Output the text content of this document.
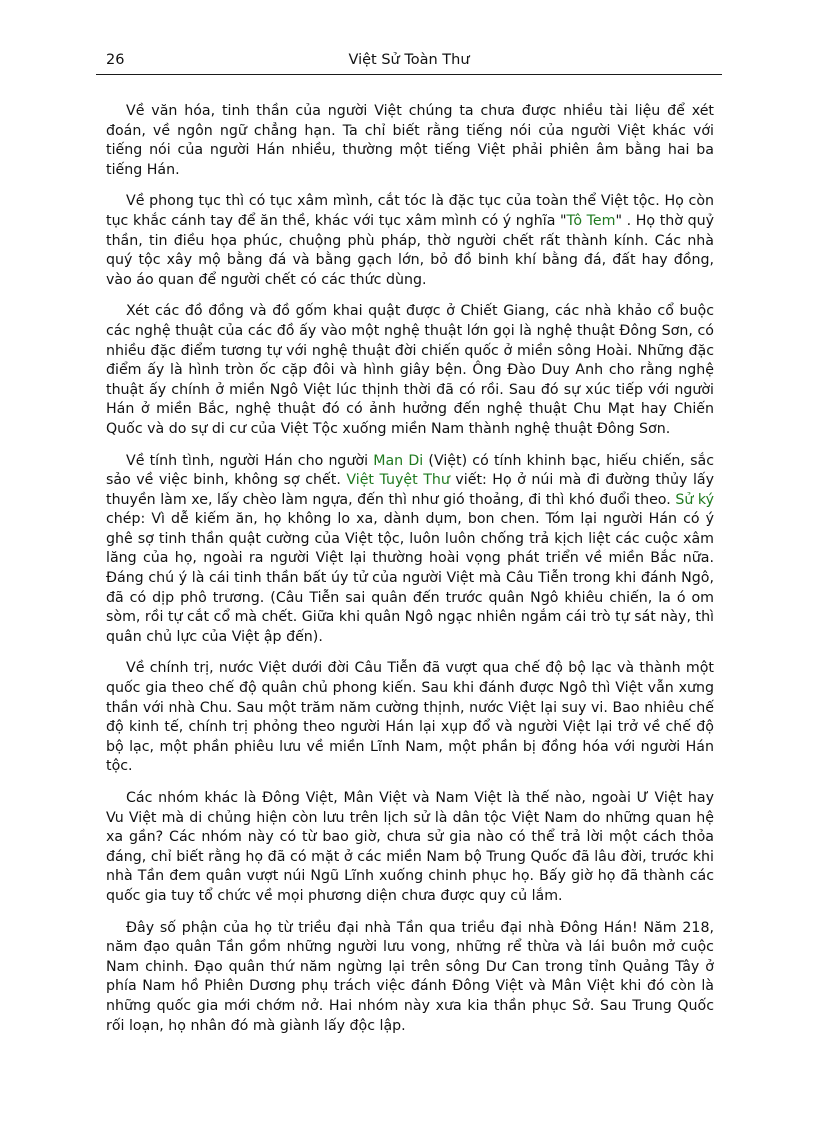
26	Việt Sử Toàn Thư

Về văn hóa, tinh thần của người Việt chúng ta chưa được nhiều tài liệu để xét đoán, về ngôn ngữ chẳng hạn. Ta chỉ biết rằng tiếng nói của người Việt khác với tiếng nói của người Hán nhiều, thường một tiếng Việt phải phiên âm bằng hai ba tiếng Hán.

Về phong tục thì có tục xâm mình, cắt tóc là đặc tục của toàn thể Việt tộc. Họ còn tục khắc cánh tay để ăn thề, khác với tục xâm mình có ý nghĩa "Tô Tem" . Họ thờ quỷ thần, tin điều họa phúc, chuộng phù pháp, thờ người chết rất thành kính. Các nhà quý tộc xây mộ bằng đá và bằng gạch lớn, bỏ đồ binh khí bằng đá, đất hay đồng, vào áo quan để người chết có các thức dùng.

Xét các đồ đồng và đồ gốm khai quật được ở Chiết Giang, các nhà khảo cổ buộc các nghệ thuật của các đồ ấy vào một nghệ thuật lớn gọi là nghệ thuật Đông Sơn, có nhiều đặc điểm tương tự với nghệ thuật đời chiến quốc ở miền sông Hoài. Những đặc điểm ấy là hình tròn ốc cặp đôi và hình giây bện. Ông Đào Duy Anh cho rằng nghệ thuật ấy chính ở miền Ngô Việt lúc thịnh thời đã có rồi. Sau đó sự xúc tiếp với người Hán ở miền Bắc, nghệ thuật đó có ảnh hưởng đến nghệ thuật Chu Mạt hay Chiến Quốc và do sự di cư của Việt Tộc xuống miền Nam thành nghệ thuật Đông Sơn.

Về tính tình, người Hán cho người Man Di (Việt) có tính khinh bạc, hiếu chiến, sắc sảo về việc binh, không sợ chết. Việt Tuyệt Thư viết: Họ ở núi mà đi đường thủy lấy thuyền làm xe, lấy chèo làm ngựa, đến thì như gió thoảng, đi thì khó đuổi theo. Sử ký chép: Vì dễ kiếm ăn, họ không lo xa, dành dụm, bon chen. Tóm lại người Hán có ý ghê sợ tinh thần quật cường của Việt tộc, luôn luôn chống trả kịch liệt các cuộc xâm lăng của họ, ngoài ra người Việt lại thường hoài vọng phát triển về miền Bắc nữa. Đáng chú ý là cái tinh thần bất úy tử của người Việt mà Câu Tiễn trong khi đánh Ngô, đã có dịp phô trương. (Câu Tiễn sai quân đến trước quân Ngô khiêu chiến, la ó om sòm, rồi tự cắt cổ mà chết. Giữa khi quân Ngô ngạc nhiên ngắm cái trò tự sát này, thì quân chủ lực của Việt ập đến).

Về chính trị, nước Việt dưới đời Câu Tiễn đã vượt qua chế độ bộ lạc và thành một quốc gia theo chế độ quân chủ phong kiến. Sau khi đánh được Ngô thì Việt vẫn xưng thần với nhà Chu. Sau một trăm năm cường thịnh, nước Việt lại suy vi. Bao nhiêu chế độ kinh tế, chính trị phỏng theo người Hán lại xụp đổ và người Việt lại trở về chế độ bộ lạc, một phần phiêu lưu về miền Lĩnh Nam, một phần bị đồng hóa với người Hán tộc.

Các nhóm khác là Đông Việt, Mân Việt và Nam Việt là thế nào, ngoài Ư Việt hay Vu Việt mà di chủng hiện còn lưu trên lịch sử là dân tộc Việt Nam do những quan hệ xa gần? Các nhóm này có từ bao giờ, chưa sử gia nào có thể trả lời một cách thỏa đáng, chỉ biết rằng họ đã có mặt ở các miền Nam bộ Trung Quốc đã lâu đời, trước khi nhà Tần đem quân vượt núi Ngũ Lĩnh xuống chinh phục họ. Bấy giờ họ đã thành các quốc gia tuy tổ chức về mọi phương diện chưa được quy củ lắm.

Đây số phận của họ từ triều đại nhà Tần qua triều đại nhà Đông Hán! Năm 218, năm đạo quân Tần gồm những người lưu vong, những rể thừa và lái buôn mở cuộc Nam chinh. Đạo quân thứ năm ngừng lại trên sông Dư Can trong tỉnh Quảng Tây ở phía Nam hồ Phiên Dương phụ trách việc đánh Đông Việt và Mân Việt khi đó còn là những quốc gia mới chớm nở. Hai nhóm này xưa kia thần phục Sở. Sau Trung Quốc rối loạn, họ nhân đó mà giành lấy độc lập.
